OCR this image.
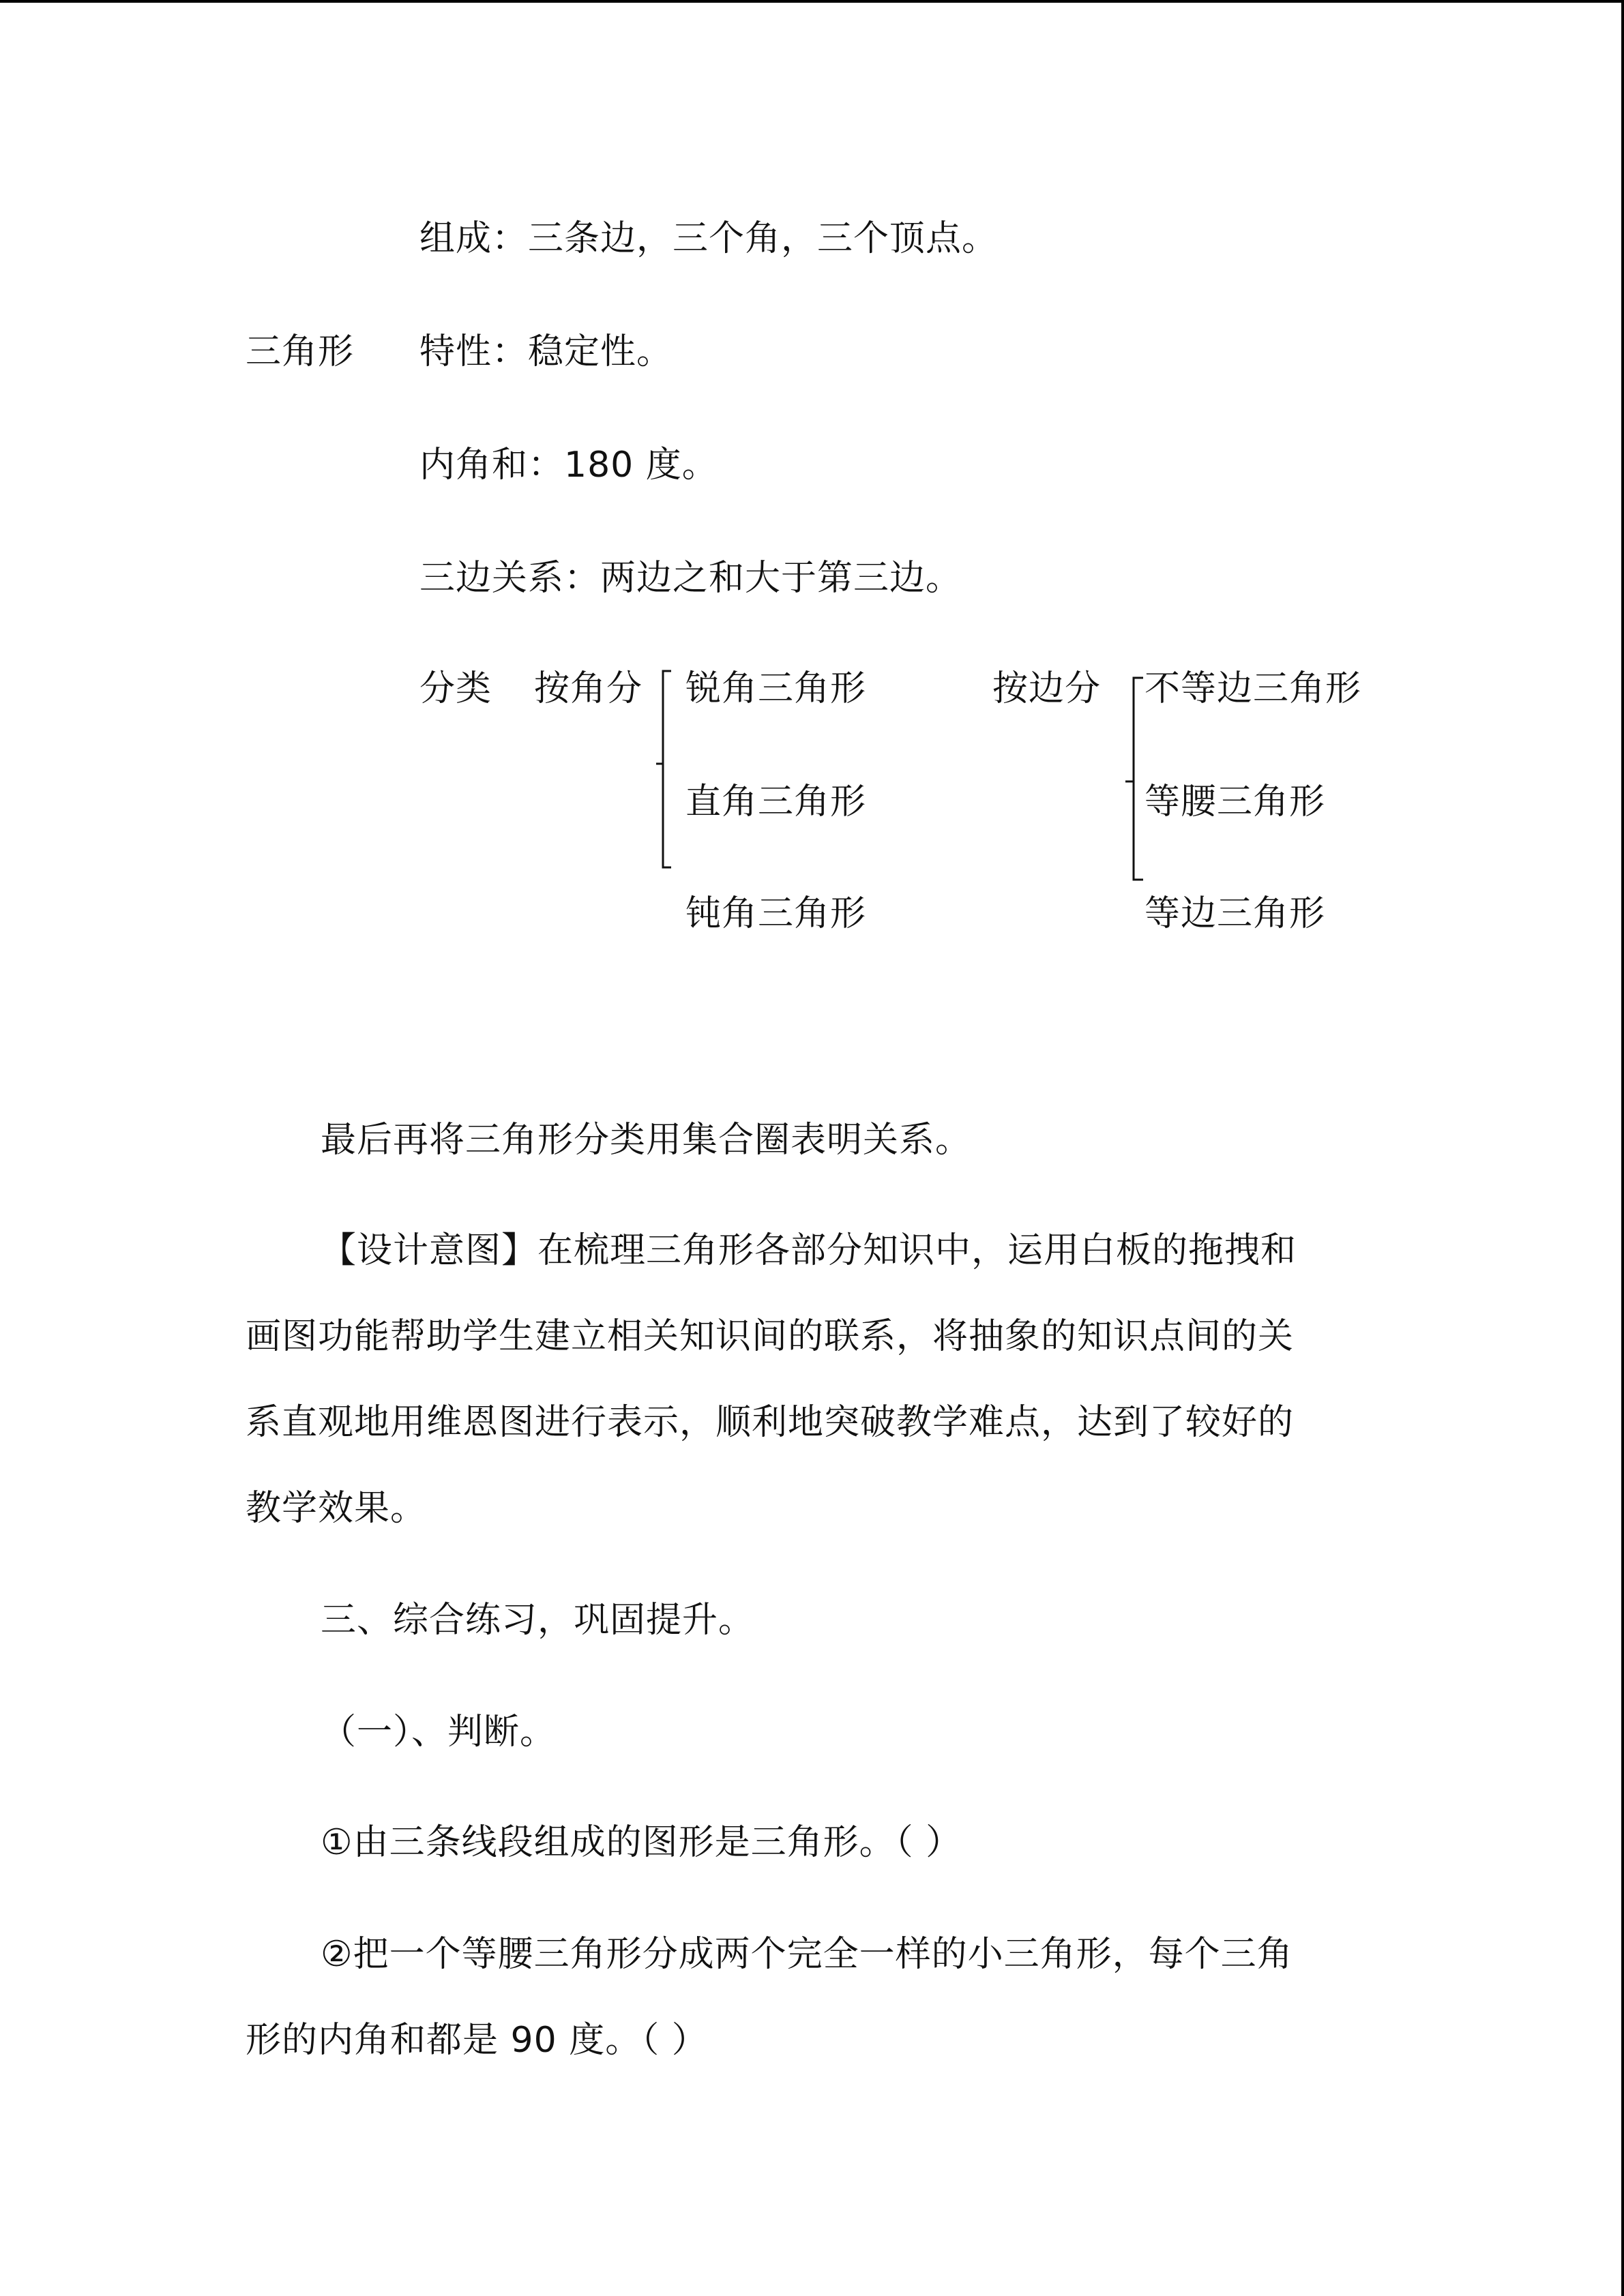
组成：三条边，三个角，三个顶点。
三角形 特性：稳定性。
内角和：180 度。
三边关系：两边之和大于第三边。
分类 按角分 锐角三角形
直角三角形
钝角三角形
按边分 不等边三角形
等腰三角形
等边三角形
最后再将三角形分类用集合圈表明关系。
【设计意图】在梳理三角形各部分知识中，运用白板的拖拽和
画图功能帮助学生建立相关知识间的联系，将抽象的知识点间的关
系直观地用维恩图进行表示，顺利地突破教学难点，达到了较好的
教学效果。
三、综合练习，巩固提升。
（一）、判断。
①由三条线段组成的图形是三角形。（ ）
②把一个等腰三角形分成两个完全一样的小三角形，每个三角
形的内角和都是 90 度。（ ）
